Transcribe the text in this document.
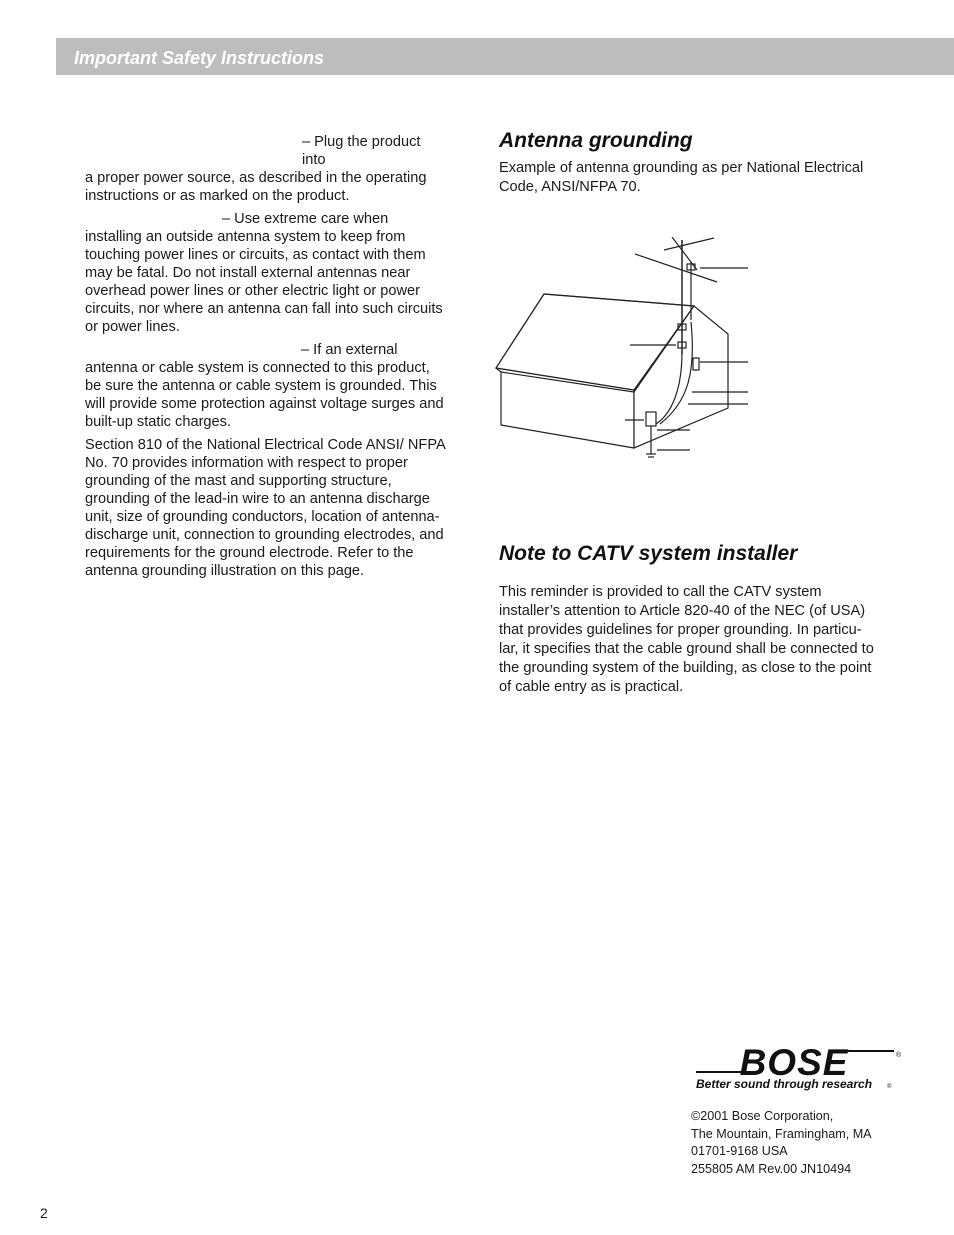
Important Safety Instructions

– Plug the product into
a proper power source, as described in the operating instructions or as marked on the product.

– Use extreme care when
installing an outside antenna system to keep from touching power lines or circuits, as contact with them may be fatal. Do not install external antennas near overhead power lines or other electric light or power circuits, nor where an antenna can fall into such circuits or power lines.

– If an external
antenna or cable system is connected to this product, be sure the antenna or cable system is grounded. This will provide some protection against voltage surges and built-up static charges.

Section 810 of the National Electrical Code ANSI/ NFPA No. 70 provides information with respect to proper grounding of the mast and supporting structure, grounding of the lead-in wire to an antenna discharge unit, size of grounding conductors, location of antenna-discharge unit, connection to grounding electrodes, and requirements for the ground electrode. Refer to the antenna grounding illustration on this page.

Antenna grounding

Example of antenna grounding as per National Electrical Code, ANSI/NFPA 70.

Note to CATV system installer

This reminder is provided to call the CATV system installer’s attention to Article 820-40 of the NEC (of USA) that provides guidelines for proper grounding. In particu- lar, it specifies that the cable ground shall be connected to the grounding system of the building, as close to the point of cable entry as is practical.

BOSE	®
Better sound through research ®
©2001 Bose Corporation,
The Mountain, Framingham, MA
01701-9168 USA
255805 AM Rev.00 JN10494
2
